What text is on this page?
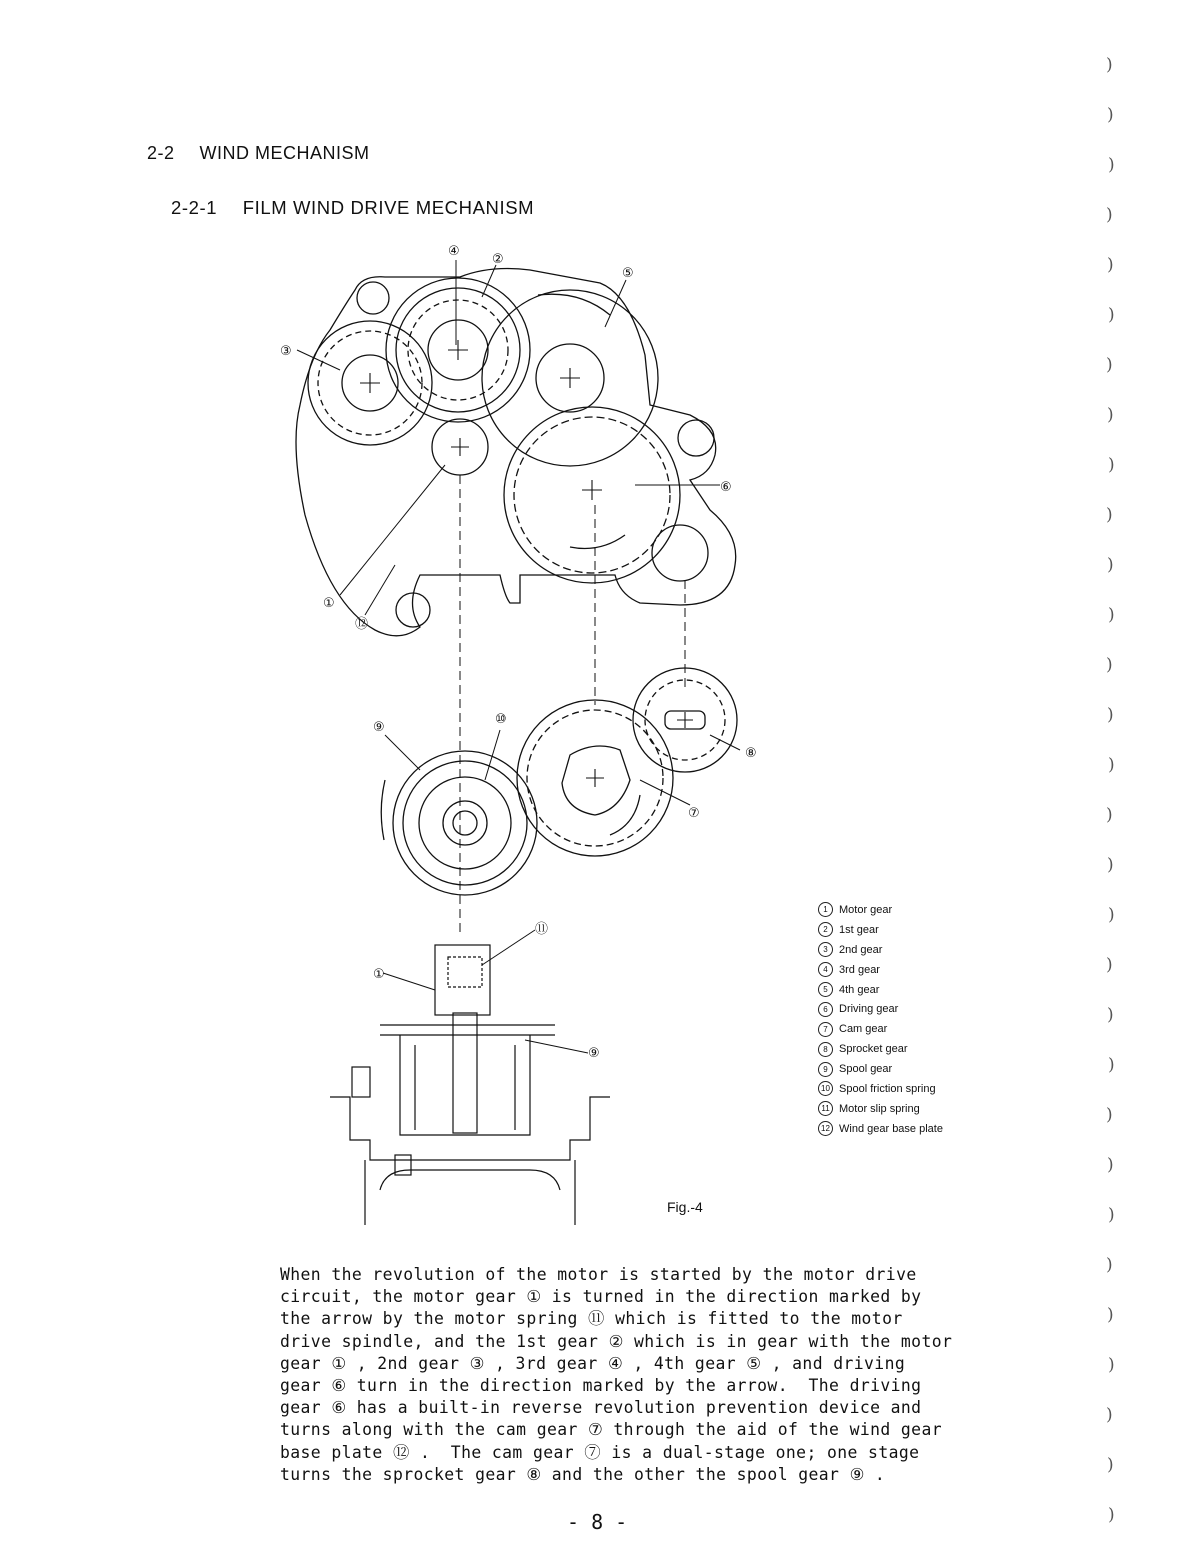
2-2 WIND MECHANISM
2-2-1 FILM WIND DRIVE MECHANISM
④
②
⑤
③
⑥
①
⑫
⑨
⑩
⑧
⑦
⑪
①
⑨
1	Motor gear
2	1st gear
3	2nd gear
4	3rd gear
5	4th gear
6	Driving gear
7	Cam gear
8	Sprocket gear
9	Spool gear
10 Spool friction spring
11 Motor slip spring
12 Wind gear base plate
Fig.-4
When the revolution of the motor is started by the motor drive
circuit, the motor gear ① is turned in the direction marked by
the arrow by the motor spring ⑪ which is fitted to the motor
drive spindle, and the 1st gear ② which is in gear with the motor
gear ① , 2nd gear ③ , 3rd gear ④ , 4th gear ⑤ , and driving
gear ⑥ turn in the direction marked by the arrow.  The driving
gear ⑥ has a built-in reverse revolution prevention device and
turns along with the cam gear ⑦ through the aid of the wind gear
base plate ⑫ .  The cam gear ⑦ is a dual-stage one; one stage
turns the sprocket gear ⑧ and the other the spool gear ⑨ .
- 8 -
)
)
)
)
)
)
)
)
)
)
)
)
)
)
)
)
)
)
)
)
)
)
)
)
)
)
)
)
)
)
